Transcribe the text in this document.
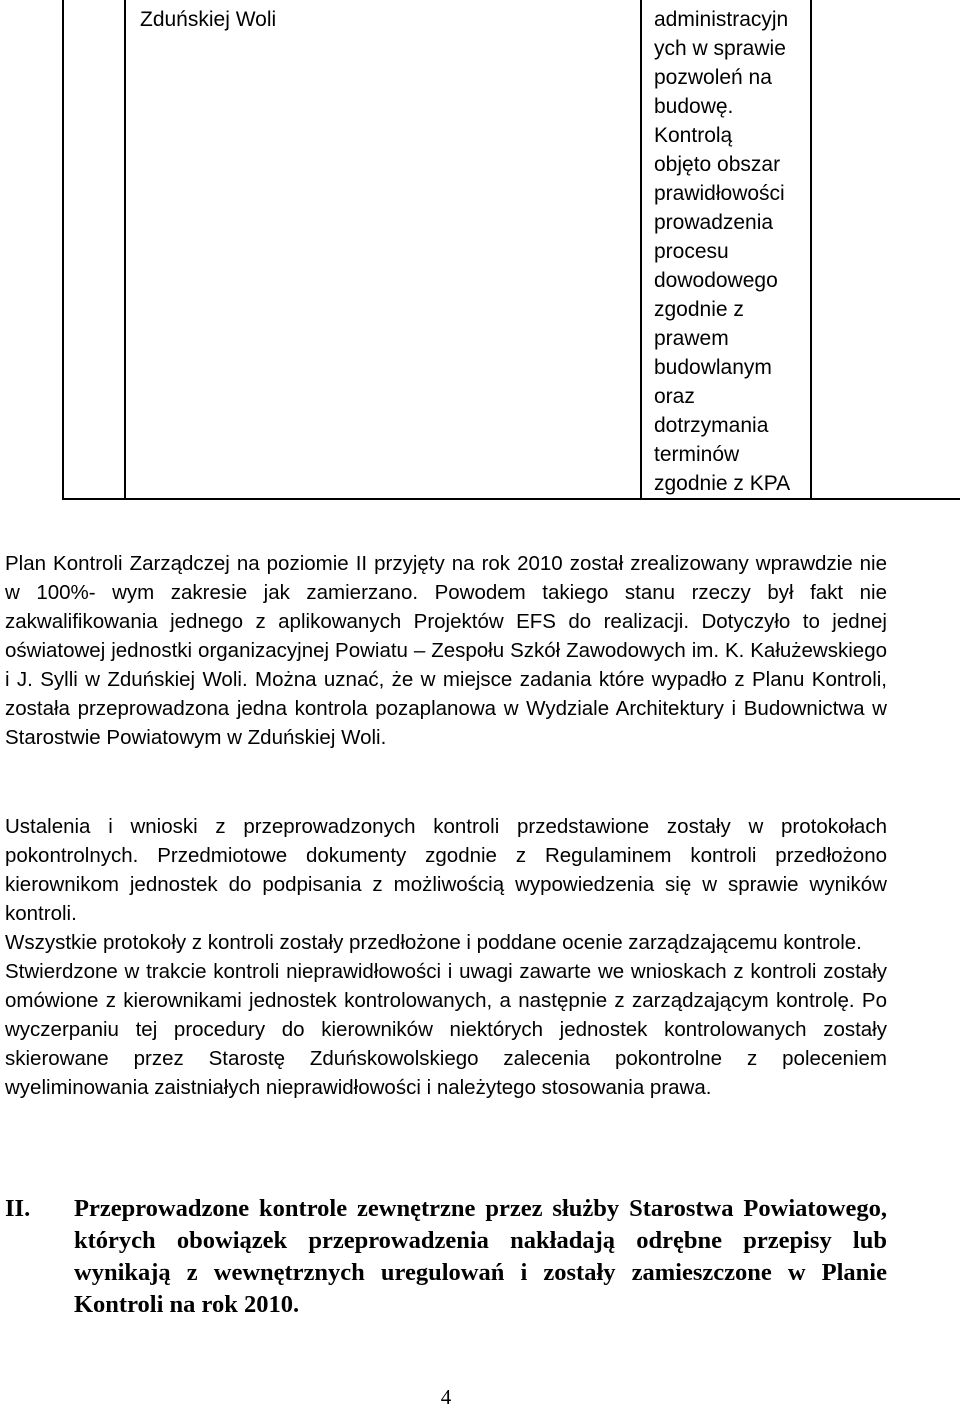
	Zduńskiej Woli	administracyjn
ych w sprawie
pozwoleń na
budowę.
Kontrolą
objęto obszar
prawidłowości
prowadzenia
procesu
dowodowego
zgodnie z
prawem
budowlanym
oraz
dotrzymania
terminów
zgodnie z KPA

Plan Kontroli Zarządczej na poziomie II przyjęty na rok 2010 został zrealizowany wprawdzie nie w 100%- wym zakresie jak zamierzano. Powodem takiego stanu rzeczy był fakt nie zakwalifikowania jednego z aplikowanych Projektów EFS do realizacji. Dotyczyło to jednej oświatowej jednostki organizacyjnej Powiatu – Zespołu Szkół Zawodowych im. K. Kałużewskiego i J. Sylli w Zduńskiej Woli. Można uznać, że w miejsce zadania które wypadło z Planu Kontroli, została przeprowadzona jedna kontrola pozaplanowa w Wydziale Architektury i Budownictwa w Starostwie Powiatowym w Zduńskiej Woli.
Ustalenia i wnioski z przeprowadzonych kontroli przedstawione zostały w protokołach pokontrolnych. Przedmiotowe dokumenty zgodnie z Regulaminem kontroli przedłożono kierownikom jednostek do podpisania z możliwością wypowiedzenia się w sprawie wyników kontroli.
Wszystkie protokoły z kontroli zostały przedłożone i poddane ocenie zarządzającemu kontrole.
Stwierdzone w trakcie kontroli nieprawidłowości i uwagi zawarte we wnioskach z kontroli zostały omówione z kierownikami jednostek kontrolowanych, a następnie z zarządzającym kontrolę. Po wyczerpaniu tej procedury do kierowników niektórych jednostek kontrolowanych zostały skierowane przez Starostę Zduńskowolskiego zalecenia pokontrolne z poleceniem wyeliminowania zaistniałych nieprawidłowości i należytego stosowania prawa.
II. Przeprowadzone kontrole zewnętrzne przez służby Starostwa Powiatowego, których obowiązek przeprowadzenia nakładają odrębne przepisy lub wynikają z wewnętrznych uregulowań i zostały zamieszczone w Planie Kontroli na rok 2010.
4
